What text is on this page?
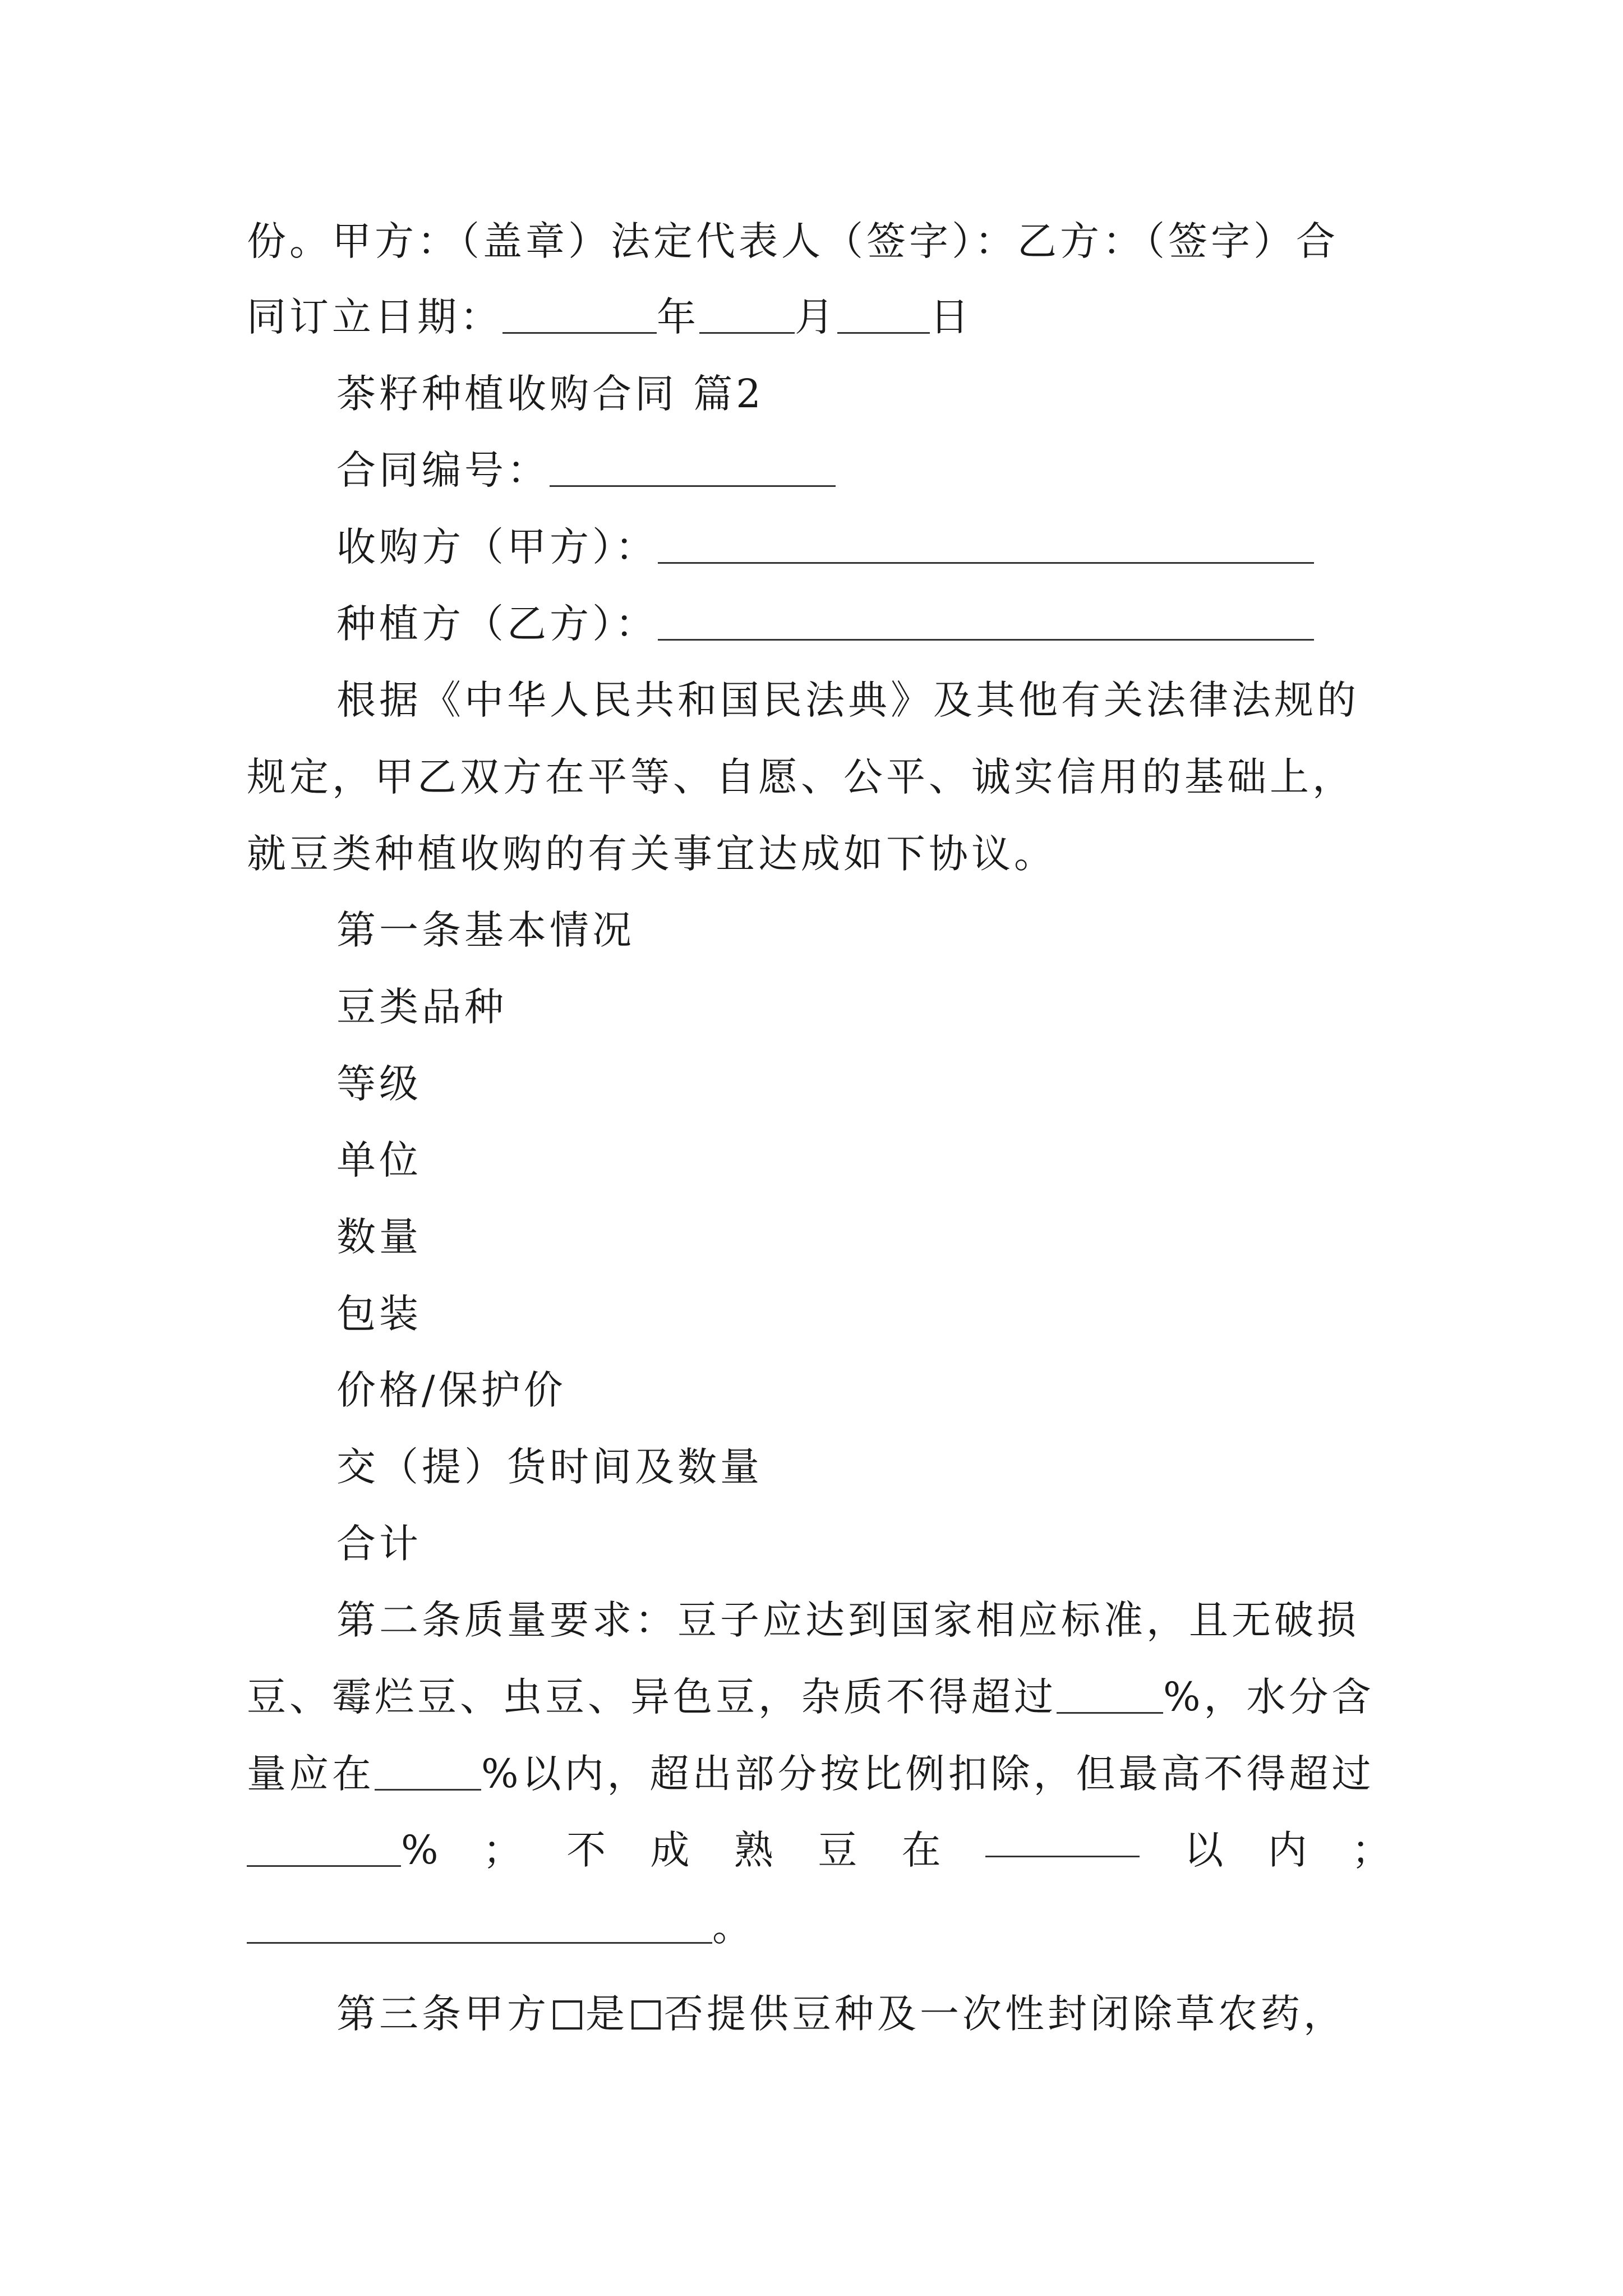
份。甲方：（盖章）法定代表人（签字）：乙方：（签字）合
同订立日期：	年 月 日
茶籽种植收购合同 篇2
合同编号：
收购方（甲方）：
种植方（乙方）：
根据《中华人民共和国民法典》及其他有关法律法规的
规定，甲乙双方在平等、自愿、公平、诚实信用的基础上，
就豆类种植收购的有关事宜达成如下协议。
第一条基本情况
豆类品种
等级
单位
数量
包装
价格/保护价
交（提）货时间及数量
合计
第二条质量要求：豆子应达到国家相应标准，且无破损
豆、霉烂豆、虫豆、异色豆，杂质不得超过	%，水分含
量应在	%以内，超出部分按比例扣除，但最高不得超过
% ； 不 成 熟 豆 在	以 内 ；
。
第三条甲方 是 否提供豆种及一次性封闭除草农药，
